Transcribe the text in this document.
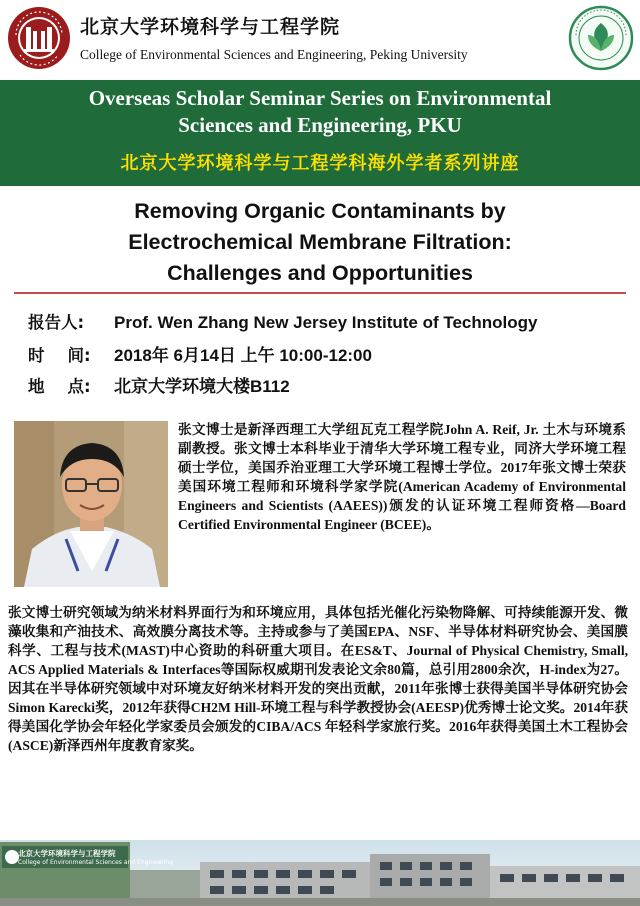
北京大学环境科学与工程学院
College of Environmental Sciences and Engineering, Peking University
Overseas Scholar Seminar Series on Environmental
Sciences and Engineering, PKU
北京大学环境科学与工程学科海外学者系列讲座
Removing Organic Contaminants by
Electrochemical Membrane Filtration:
Challenges and Opportunities
报告人: Prof. Wen Zhang New Jersey Institute of Technology
时    间: 2018年 6月14日 上午 10:00-12:00
地    点: 北京大学环境大楼B112
张文博士是新泽西理工大学纽瓦克工程学院John A. Reif, Jr. 土木与环境系副教授。张文博士本科毕业于清华大学环境工程专业，同济大学环境工程硕士学位，美国乔治亚理工大学环境工程博士学位。2017年张文博士荣获美国环境工程师和环境科学家学院(American Academy of Environmental Engineers and Scientists (AAEES))颁发的认证环境工程师资格—Board Certified Environmental Engineer (BCEE)。
张文博士研究领域为纳米材料界面行为和环境应用，具体包括光催化污染物降解、可持续能源开发、微藻收集和产油技术、高效膜分离技术等。主持或参与了美国EPA、NSF、半导体材料研究协会、美国膜科学、工程与技术(MAST)中心资助的科研重大项目。在ES&T、Journal of Physical Chemistry, Small, ACS Applied Materials & Interfaces等国际权威期刊发表论文余80篇，总引用2800余次，H-index为27。因其在半导体研究领域中对环境友好纳米材料开发的突出贡献，2011年张博士获得美国半导体研究协会Simon Karecki奖，2012年获得CH2M Hill-环境工程与科学教授协会(AEESP)优秀博士论文奖。2014年获得美国化学协会年轻化学家委员会颁发的CIBA/ACS 年轻科学家旅行奖。2016年获得美国土木工程协会(ASCE)新泽西州年度教育家奖。
北京大学环境科学与工程学院
College of Environmental Sciences and Engineering
